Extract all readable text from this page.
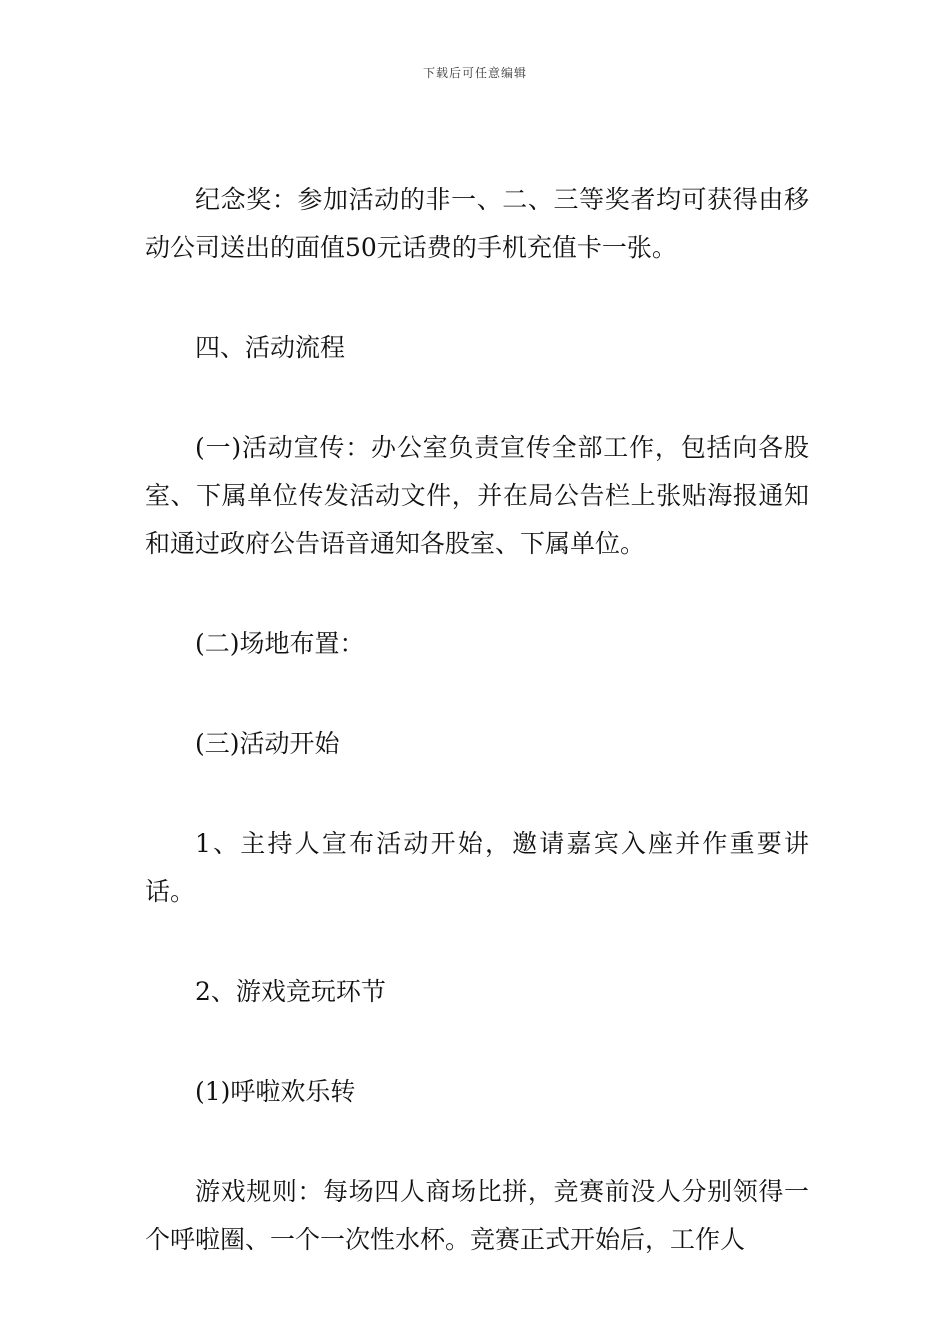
下载后可任意编辑

纪念奖：参加活动的非一、二、三等奖者均可获得由移动公司送出的面值50元话费的手机充值卡一张。

四、活动流程

(一)活动宣传：办公室负责宣传全部工作，包括向各股室、下属单位传发活动文件，并在局公告栏上张贴海报通知和通过政府公告语音通知各股室、下属单位。

(二)场地布置：

(三)活动开始

1、主持人宣布活动开始，邀请嘉宾入座并作重要讲话。

2、游戏竞玩环节

(1)呼啦欢乐转

游戏规则：每场四人商场比拼，竞赛前没人分别领得一个呼啦圈、一个一次性水杯。竞赛正式开始后，工作人
